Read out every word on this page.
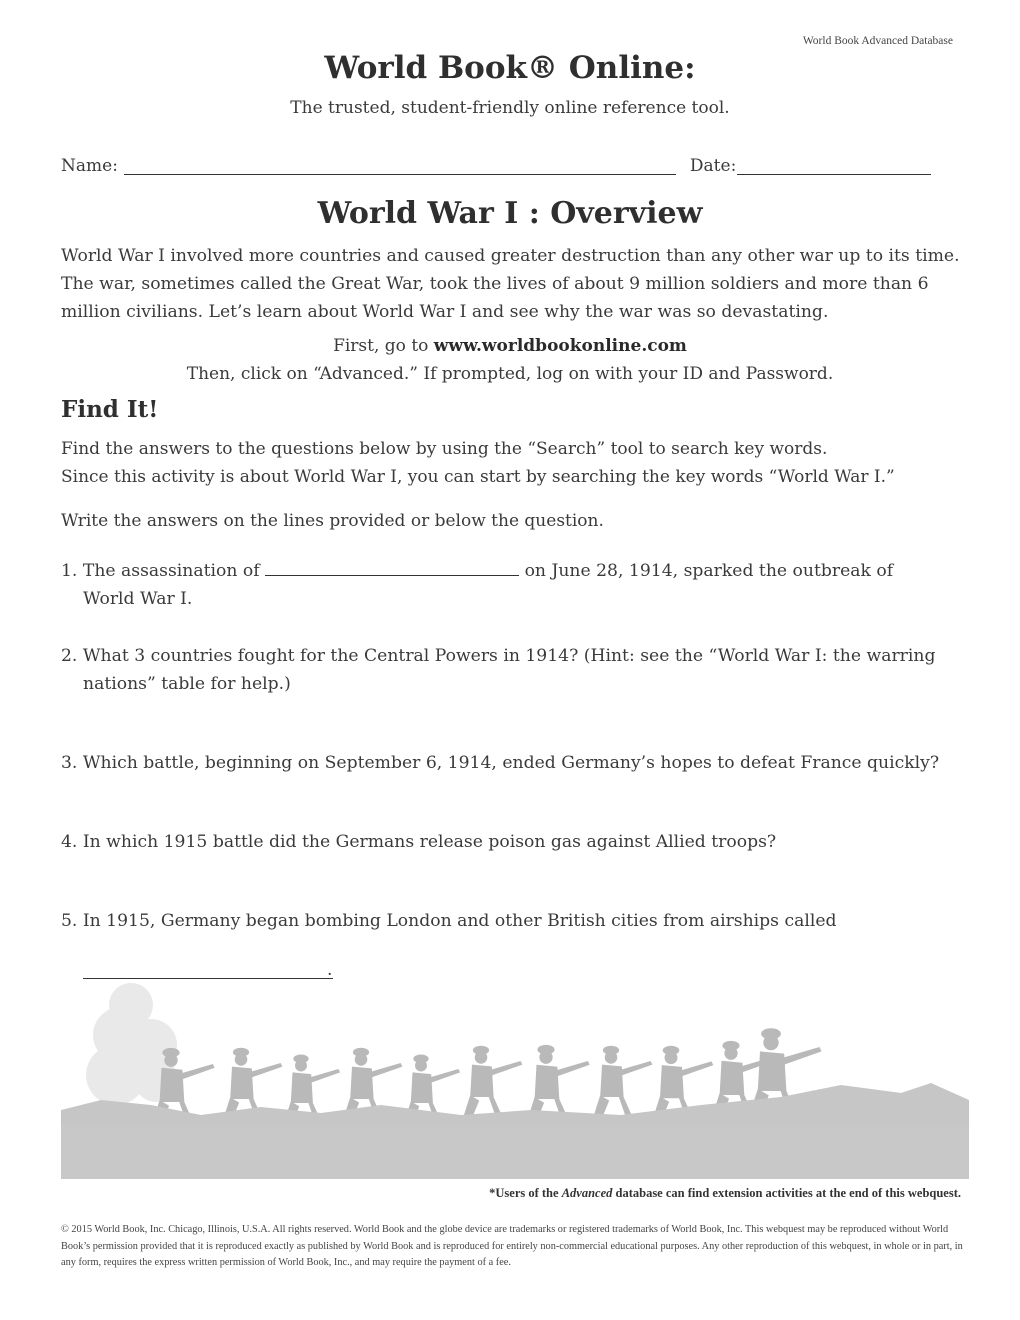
World Book Advanced Database
World Book® Online:
The trusted, student-friendly online reference tool.
Name:	Date:
World War I : Overview
World War I involved more countries and caused greater destruction than any other war up to its time. The war, sometimes called the Great War, took the lives of about 9 million soldiers and more than 6 million civilians. Let’s learn about World War I and see why the war was so devastating.
First, go to www.worldbookonline.com
Then, click on “Advanced.” If prompted, log on with your ID and Password.
Find It!
Find the answers to the questions below by using the “Search” tool to search key words.
Since this activity is about World War I, you can start by searching the key words “World War I.”
Write the answers on the lines provided or below the question.
1. The assassination of	on June 28, 1914, sparked the outbreak of
World War I.
2. What 3 countries fought for the Central Powers in 1914? (Hint: see the “World War I: the warring
nations” table for help.)
3. Which battle, beginning on September 6, 1914, ended Germany’s hopes to defeat France quickly?
4. In which 1915 battle did the Germans release poison gas against Allied troops?
5. In 1915, Germany began bombing London and other British cities from airships called
.
*Users of the Advanced database can find extension activities at the end of this webquest.
© 2015 World Book, Inc. Chicago, Illinois, U.S.A. All rights reserved. World Book and the globe device are trademarks or registered trademarks of World Book, Inc. This webquest may be reproduced without World Book’s permission provided that it is reproduced exactly as published by World Book and is reproduced for entirely non-commercial educational purposes. Any other reproduction of this webquest, in whole or in part, in any form, requires the express written permission of World Book, Inc., and may require the payment of a fee.
